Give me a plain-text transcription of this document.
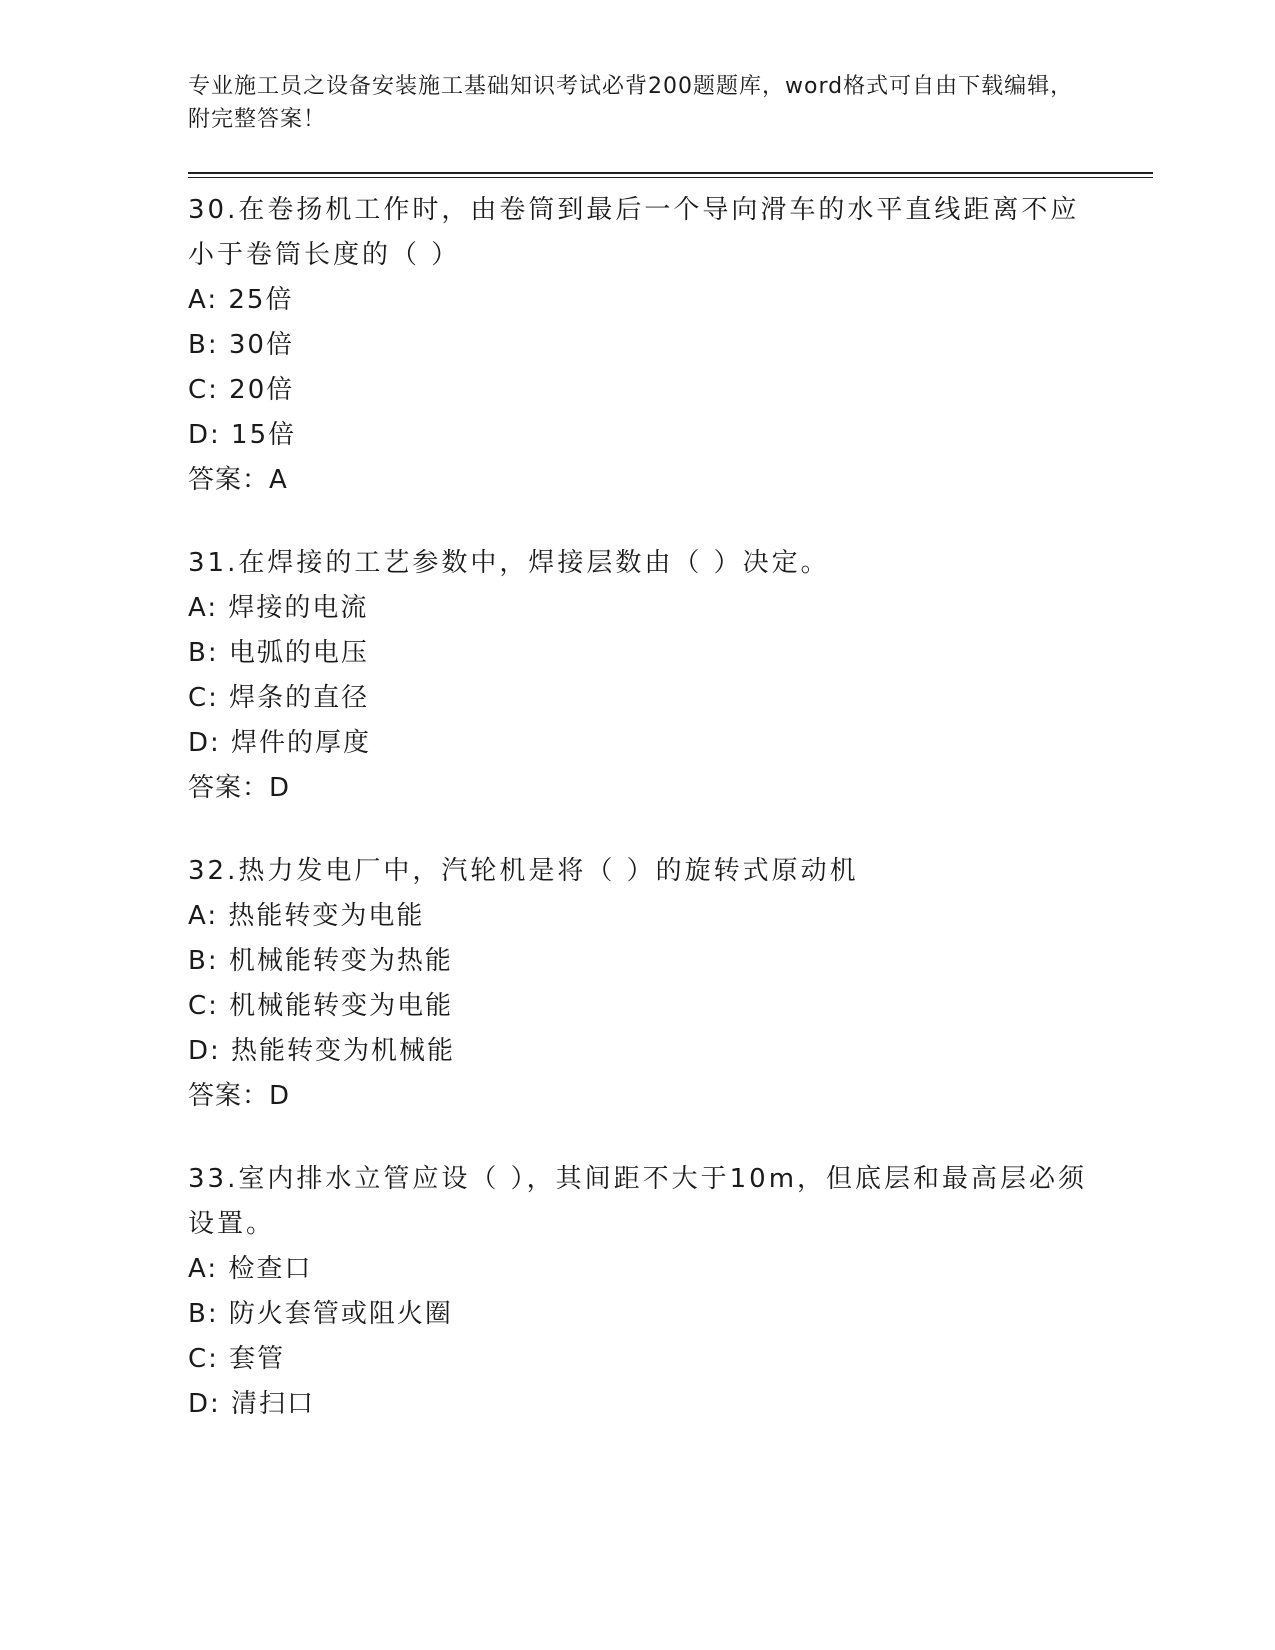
专业施工员之设备安装施工基础知识考试必背200题题库，word格式可自由下载编辑，附完整答案！
30.在卷扬机工作时，由卷筒到最后一个导向滑车的水平直线距离不应小于卷筒长度的（ ）
A: 25倍
B: 30倍
C: 20倍
D: 15倍
答案：A
31.在焊接的工艺参数中，焊接层数由（ ）决定。
A: 焊接的电流
B: 电弧的电压
C: 焊条的直径
D: 焊件的厚度
答案：D
32.热力发电厂中，汽轮机是将（ ）的旋转式原动机
A: 热能转变为电能
B: 机械能转变为热能
C: 机械能转变为电能
D: 热能转变为机械能
答案：D
33.室内排水立管应设（ ），其间距不大于10m，但底层和最高层必须设置。
A: 检查口
B: 防火套管或阻火圈
C: 套管
D: 清扫口
